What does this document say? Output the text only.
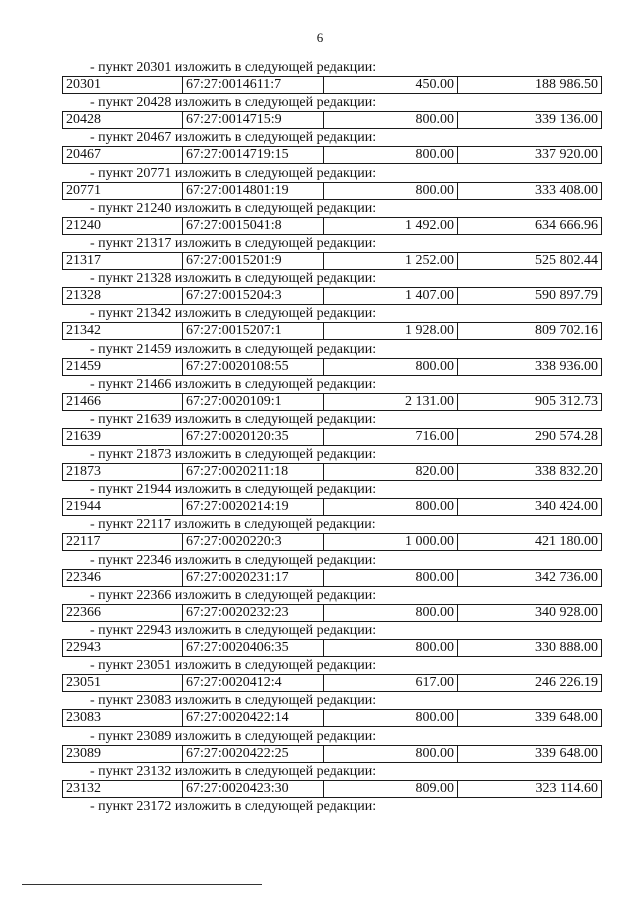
6
- пункт 20301 изложить в следующей редакции:
20301	67:27:0014611:7	450.00	188 986.50
- пункт 20428 изложить в следующей редакции:
20428	67:27:0014715:9	800.00	339 136.00
- пункт 20467 изложить в следующей редакции:
20467	67:27:0014719:15	800.00	337 920.00
- пункт 20771 изложить в следующей редакции:
20771	67:27:0014801:19	800.00	333 408.00
- пункт 21240 изложить в следующей редакции:
21240	67:27:0015041:8	1 492.00	634 666.96
- пункт 21317 изложить в следующей редакции:
21317	67:27:0015201:9	1 252.00	525 802.44
- пункт 21328 изложить в следующей редакции:
21328	67:27:0015204:3	1 407.00	590 897.79
- пункт 21342 изложить в следующей редакции:
21342	67:27:0015207:1	1 928.00	809 702.16
- пункт 21459 изложить в следующей редакции:
21459	67:27:0020108:55	800.00	338 936.00
- пункт 21466 изложить в следующей редакции:
21466	67:27:0020109:1	2 131.00	905 312.73
- пункт 21639 изложить в следующей редакции:
21639	67:27:0020120:35	716.00	290 574.28
- пункт 21873 изложить в следующей редакции:
21873	67:27:0020211:18	820.00	338 832.20
- пункт 21944 изложить в следующей редакции:
21944	67:27:0020214:19	800.00	340 424.00
- пункт 22117 изложить в следующей редакции:
22117	67:27:0020220:3	1 000.00	421 180.00
- пункт 22346 изложить в следующей редакции:
22346	67:27:0020231:17	800.00	342 736.00
- пункт 22366 изложить в следующей редакции:
22366	67:27:0020232:23	800.00	340 928.00
- пункт 22943 изложить в следующей редакции:
22943	67:27:0020406:35	800.00	330 888.00
- пункт 23051 изложить в следующей редакции:
23051	67:27:0020412:4	617.00	246 226.19
- пункт 23083 изложить в следующей редакции:
23083	67:27:0020422:14	800.00	339 648.00
- пункт 23089 изложить в следующей редакции:
23089	67:27:0020422:25	800.00	339 648.00
- пункт 23132 изложить в следующей редакции:
23132	67:27:0020423:30	809.00	323 114.60
- пункт 23172 изложить в следующей редакции:
